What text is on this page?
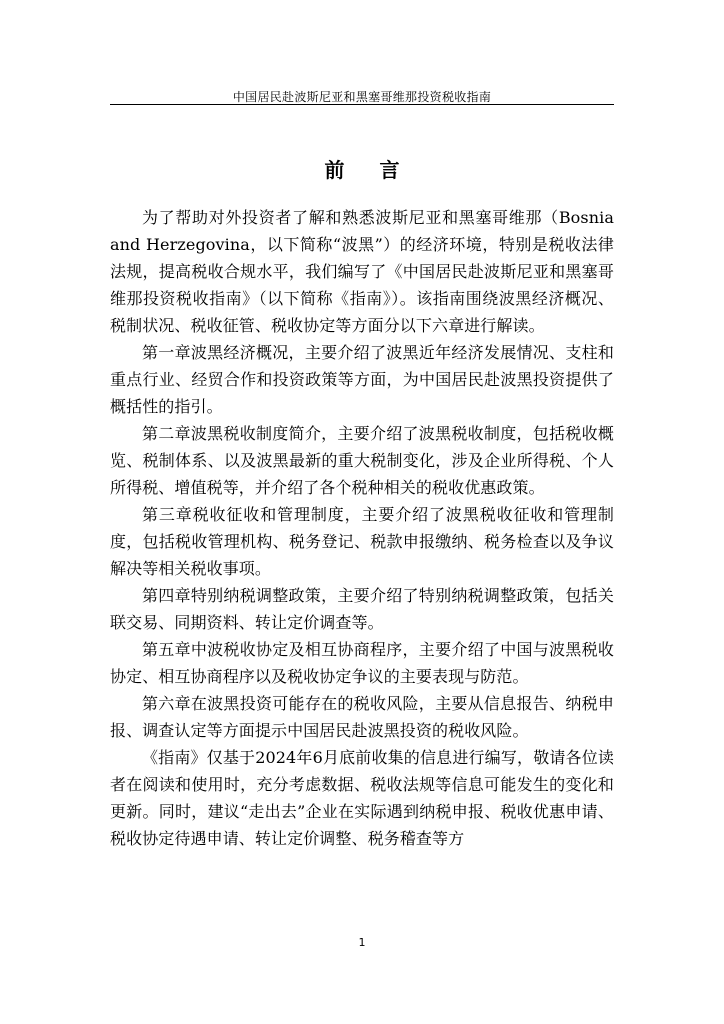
中国居民赴波斯尼亚和黑塞哥维那投资税收指南
前 言

为了帮助对外投资者了解和熟悉波斯尼亚和黑塞哥维那（Bosnia and Herzegovina，以下简称“波黑”）的经济环境，特别是税收法律法规，提高税收合规水平，我们编写了《中国居民赴波斯尼亚和黑塞哥维那投资税收指南》（以下简称《指南》）。该指南围绕波黑经济概况、税制状况、税收征管、税收协定等方面分以下六章进行解读。

第一章波黑经济概况，主要介绍了波黑近年经济发展情况、支柱和重点行业、经贸合作和投资政策等方面，为中国居民赴波黑投资提供了概括性的指引。

第二章波黑税收制度简介，主要介绍了波黑税收制度，包括税收概览、税制体系、以及波黑最新的重大税制变化，涉及企业所得税、个人所得税、增值税等，并介绍了各个税种相关的税收优惠政策。

第三章税收征收和管理制度，主要介绍了波黑税收征收和管理制度，包括税收管理机构、税务登记、税款申报缴纳、税务检查以及争议解决等相关税收事项。

第四章特别纳税调整政策，主要介绍了特别纳税调整政策，包括关联交易、同期资料、转让定价调查等。

第五章中波税收协定及相互协商程序，主要介绍了中国与波黑税收协定、相互协商程序以及税收协定争议的主要表现与防范。

第六章在波黑投资可能存在的税收风险，主要从信息报告、纳税申报、调查认定等方面提示中国居民赴波黑投资的税收风险。

《指南》仅基于2024年6月底前收集的信息进行编写，敬请各位读者在阅读和使用时，充分考虑数据、税收法规等信息可能发生的变化和更新。同时，建议“走出去”企业在实际遇到纳税申报、税收优惠申请、税收协定待遇申请、转让定价调整、税务稽查等方

1
